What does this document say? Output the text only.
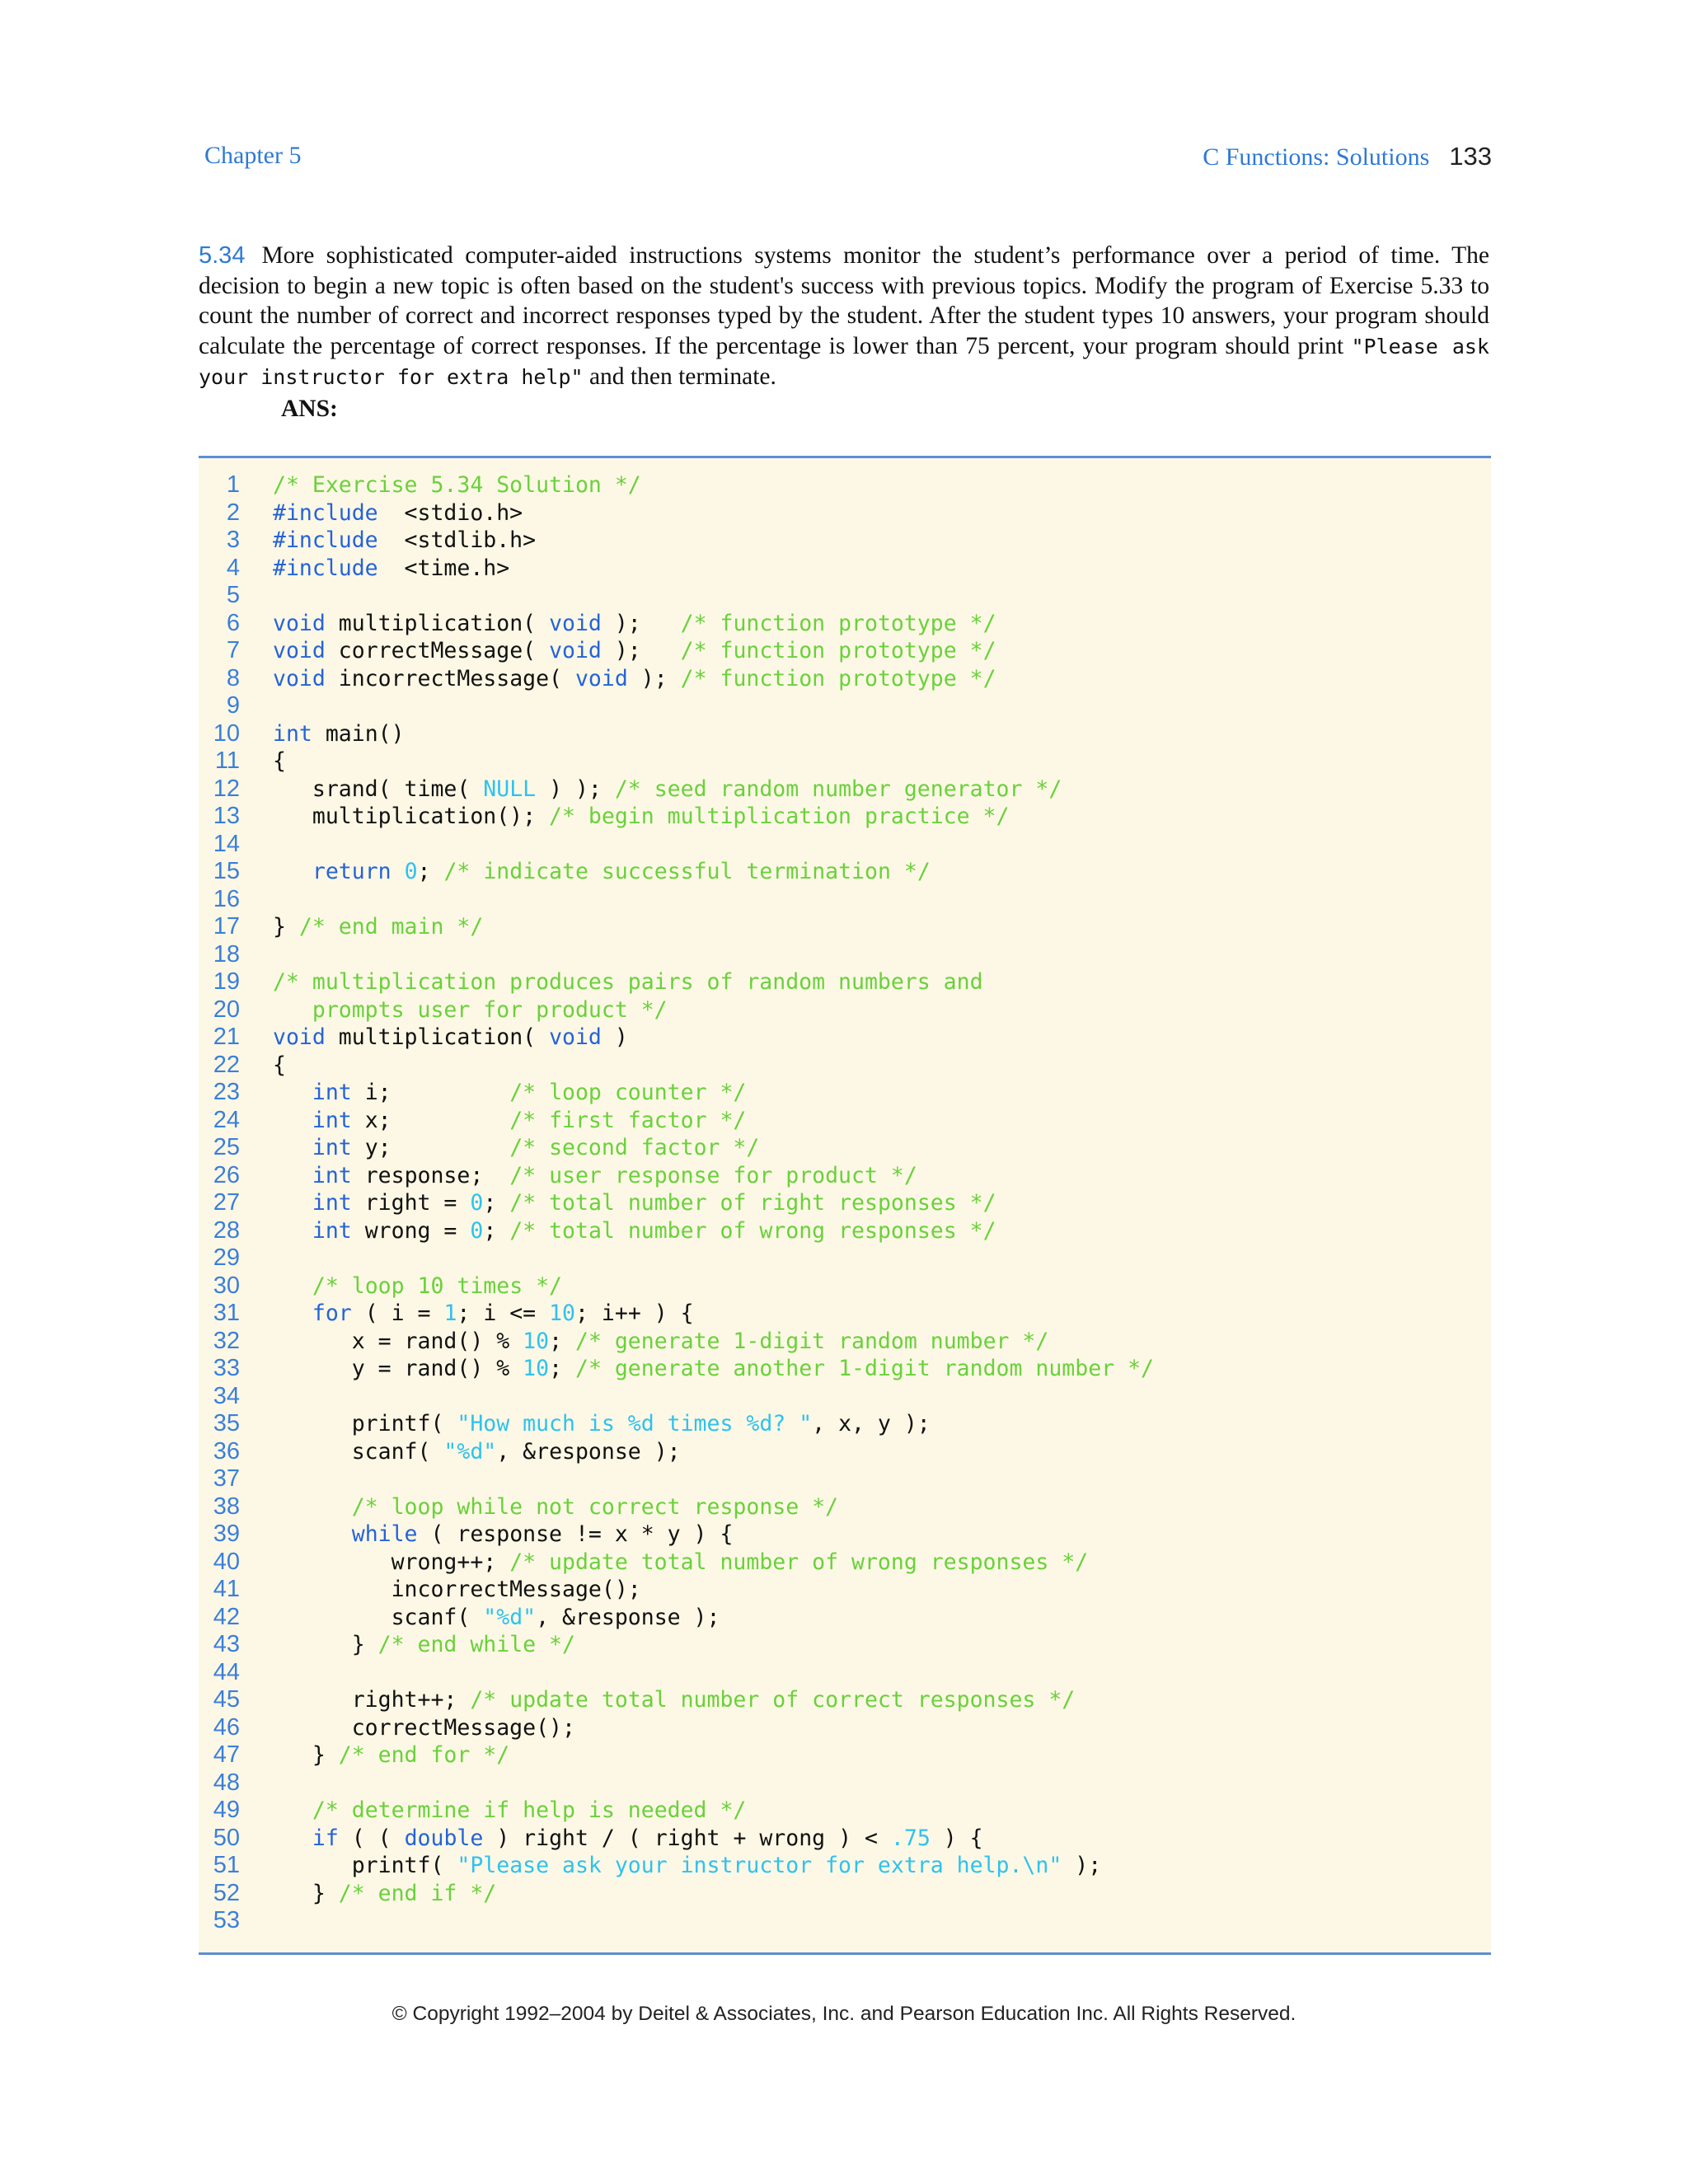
Chapter 5	C Functions: Solutions 133
5.34 More sophisticated computer-aided instructions systems monitor the student’s performance over a period of time. The decision to begin a new topic is often based on the student's success with previous topics. Modify the program of Exercise 5.33 to count the number of correct and incorrect responses typed by the student. After the student types 10 answers, your program should calculate the percentage of correct responses. If the percentage is lower than 75 percent, your program should print "Please ask your instructor for extra help" and then terminate.
ANS:
1 /* Exercise 5.34 Solution */
2 #include  <stdio.h>
3 #include  <stdlib.h>
4 #include  <time.h>
5
6 void multiplication( void );   /* function prototype */
7 void correctMessage( void );   /* function prototype */
8 void incorrectMessage( void ); /* function prototype */
9
10 int main()
11 {
12 srand( time( NULL ) ); /* seed random number generator */
13 multiplication(); /* begin multiplication practice */
14
15	return 0; /* indicate successful termination */
16
17 } /* end main */
18
19 /* multiplication produces pairs of random numbers and
20 prompts user for product */
21 void multiplication( void )
22 {
23	int i;         /* loop counter */
24	int x;         /* first factor */
25	int y;         /* second factor */
26	int response;  /* user response for product */
27	int right = 0; /* total number of right responses */
28	int wrong = 0; /* total number of wrong responses */
29
30	/* loop 10 times */
31	for ( i = 1; i <= 10; i++ ) {
32 x = rand() % 10; /* generate 1-digit random number */
33 y = rand() % 10; /* generate another 1-digit random number */
34
35 printf( "How much is %d times %d? ", x, y );
36 scanf( "%d", &response );
37
38	/* loop while not correct response */
39	while ( response != x * y ) {
40 wrong++; /* update total number of wrong responses */
41 incorrectMessage();
42 scanf( "%d", &response );
43 } /* end while */
44
45 right++; /* update total number of correct responses */
46 correctMessage();
47 } /* end for */
48
49	/* determine if help is needed */
50	if ( ( double ) right / ( right + wrong ) < .75 ) {
51 printf( "Please ask your instructor for extra help.\n" );
52 } /* end if */
53
© Copyright 1992–2004 by Deitel & Associates, Inc. and Pearson Education Inc. All Rights Reserved.
